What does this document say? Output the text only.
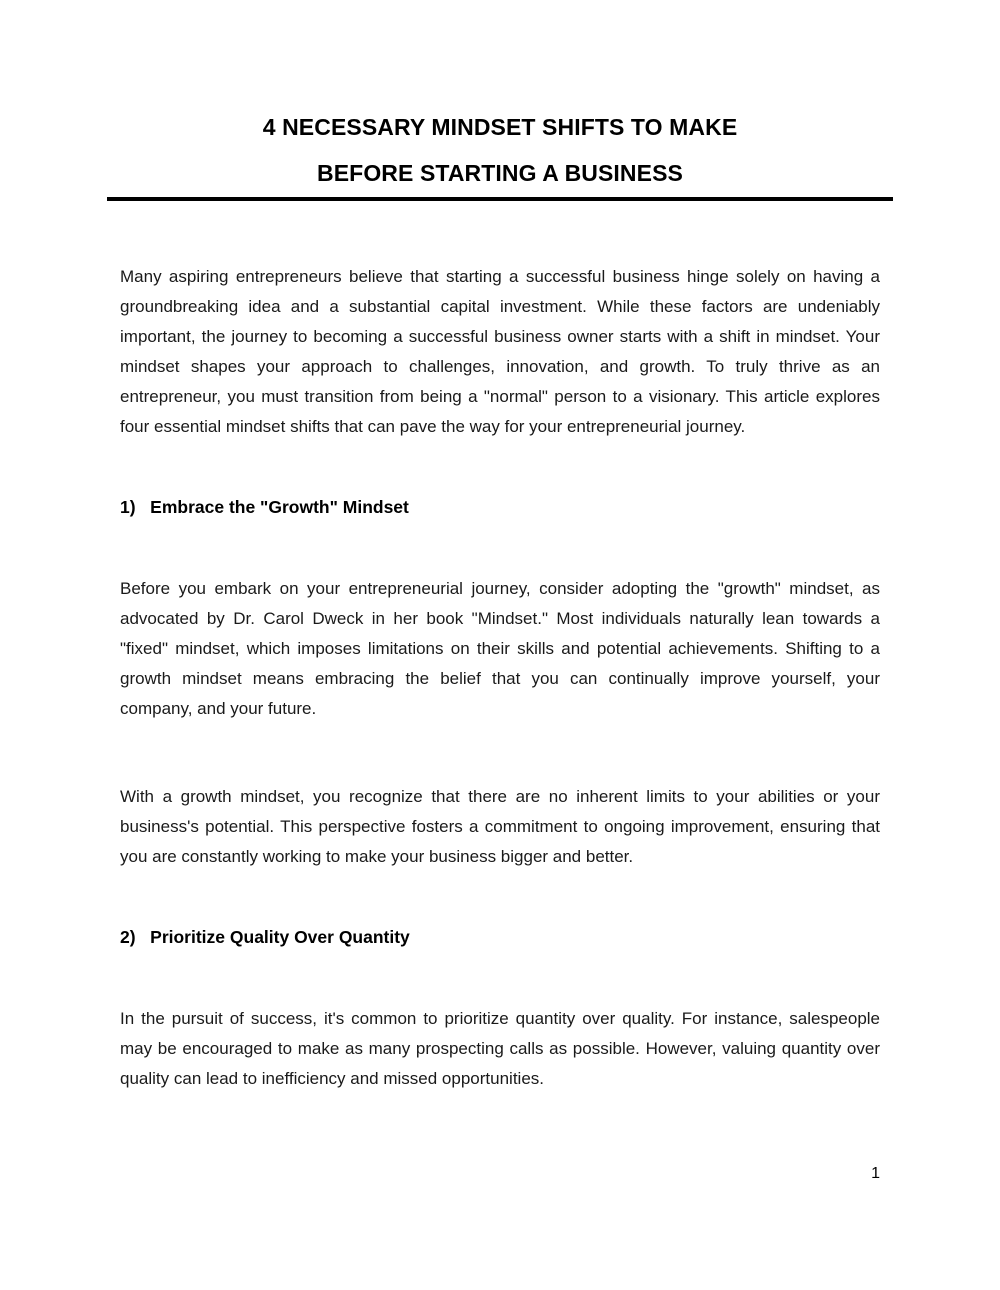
4 NECESSARY MINDSET SHIFTS TO MAKE
BEFORE STARTING A BUSINESS

Many aspiring entrepreneurs believe that starting a successful business hinge solely on having a groundbreaking idea and a substantial capital investment. While these factors are undeniably important, the journey to becoming a successful business owner starts with a shift in mindset. Your mindset shapes your approach to challenges, innovation, and growth. To truly thrive as an entrepreneur, you must transition from being a "normal" person to a visionary. This article explores four essential mindset shifts that can pave the way for your entrepreneurial journey.

1)   Embrace the "Growth" Mindset

Before you embark on your entrepreneurial journey, consider adopting the "growth" mindset, as advocated by Dr. Carol Dweck in her book "Mindset." Most individuals naturally lean towards a "fixed" mindset, which imposes limitations on their skills and potential achievements. Shifting to a growth mindset means embracing the belief that you can continually improve yourself, your company, and your future.

With a growth mindset, you recognize that there are no inherent limits to your abilities or your business's potential. This perspective fosters a commitment to ongoing improvement, ensuring that you are constantly working to make your business bigger and better.

2)   Prioritize Quality Over Quantity

In the pursuit of success, it's common to prioritize quantity over quality. For instance, salespeople may be encouraged to make as many prospecting calls as possible. However, valuing quantity over quality can lead to inefficiency and missed opportunities.

1
